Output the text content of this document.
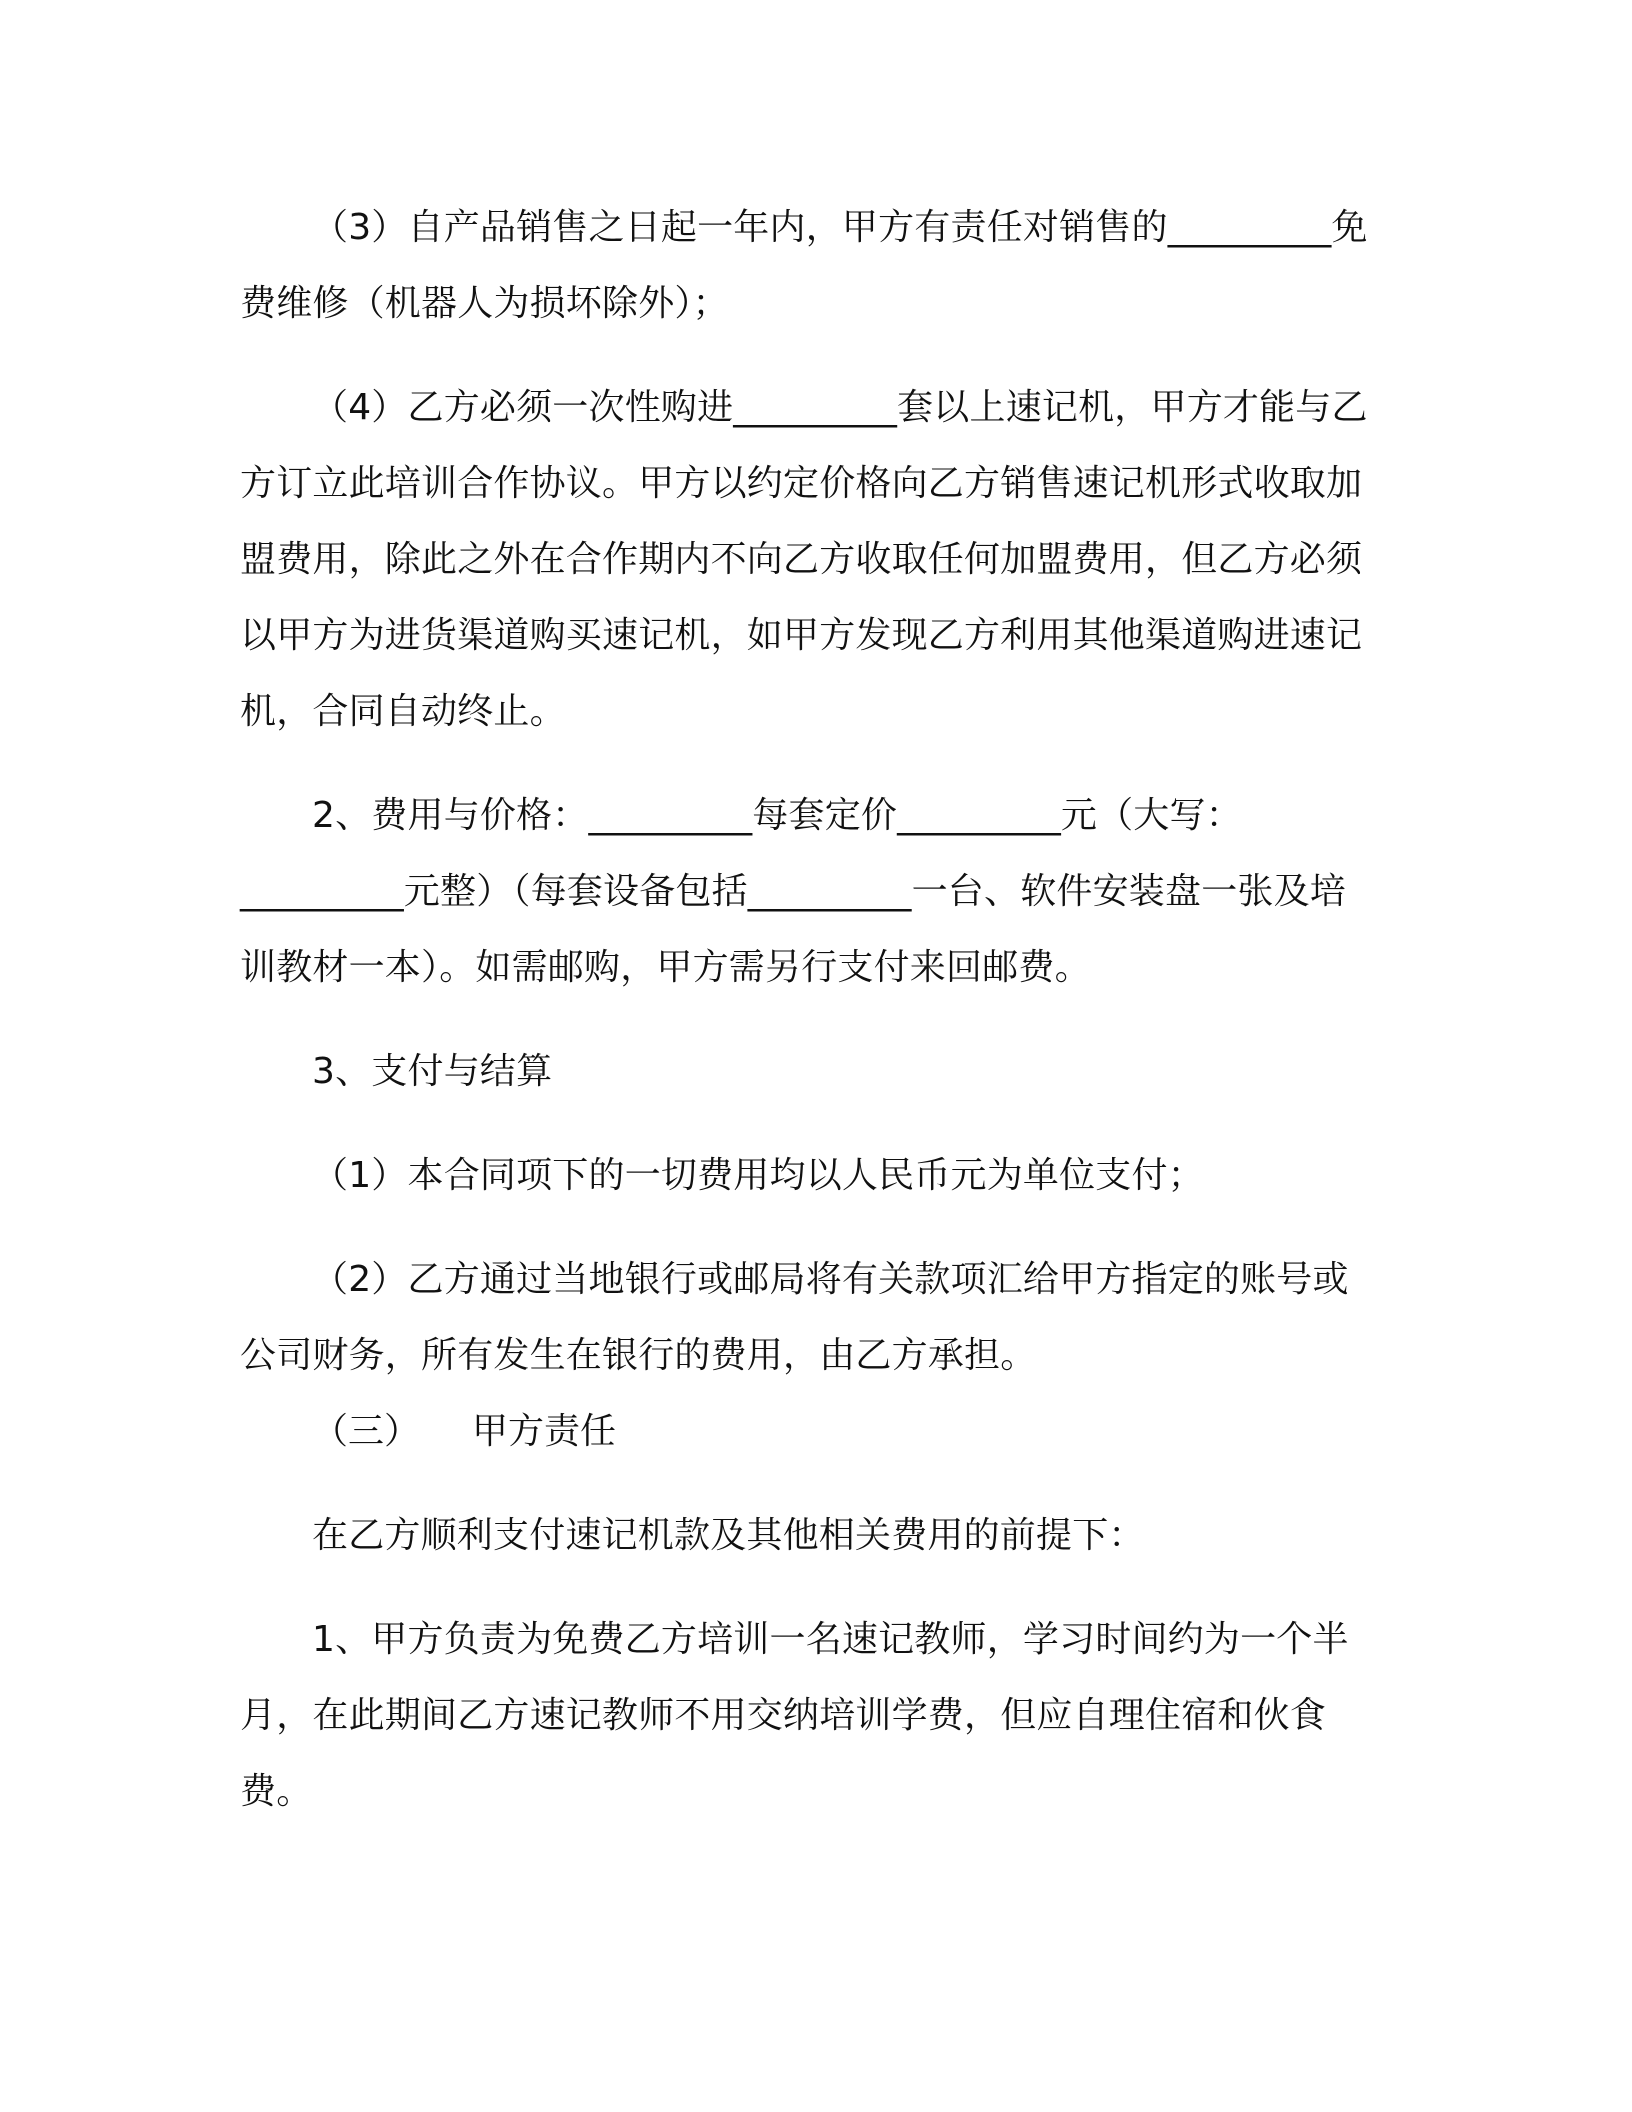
（3）自产品销售之日起一年内，甲方有责任对销售的_________免费维修（机器人为损坏除外）；

（4）乙方必须一次性购进_________套以上速记机，甲方才能与乙方订立此培训合作协议。甲方以约定价格向乙方销售速记机形式收取加盟费用，除此之外在合作期内不向乙方收取任何加盟费用，但乙方必须以甲方为进货渠道购买速记机，如甲方发现乙方利用其他渠道购进速记机，合同自动终止。

2、费用与价格：_________每套定价_________元（大写：_________元整）（每套设备包括_________一台、软件安装盘一张及培训教材一本）。如需邮购，甲方需另行支付来回邮费。

3、支付与结算

（1）本合同项下的一切费用均以人民币元为单位支付；

（2）乙方通过当地银行或邮局将有关款项汇给甲方指定的账号或公司财务，所有发生在银行的费用，由乙方承担。

（三） 甲方责任

在乙方顺利支付速记机款及其他相关费用的前提下：

1、甲方负责为免费乙方培训一名速记教师，学习时间约为一个半月，在此期间乙方速记教师不用交纳培训学费，但应自理住宿和伙食费。
